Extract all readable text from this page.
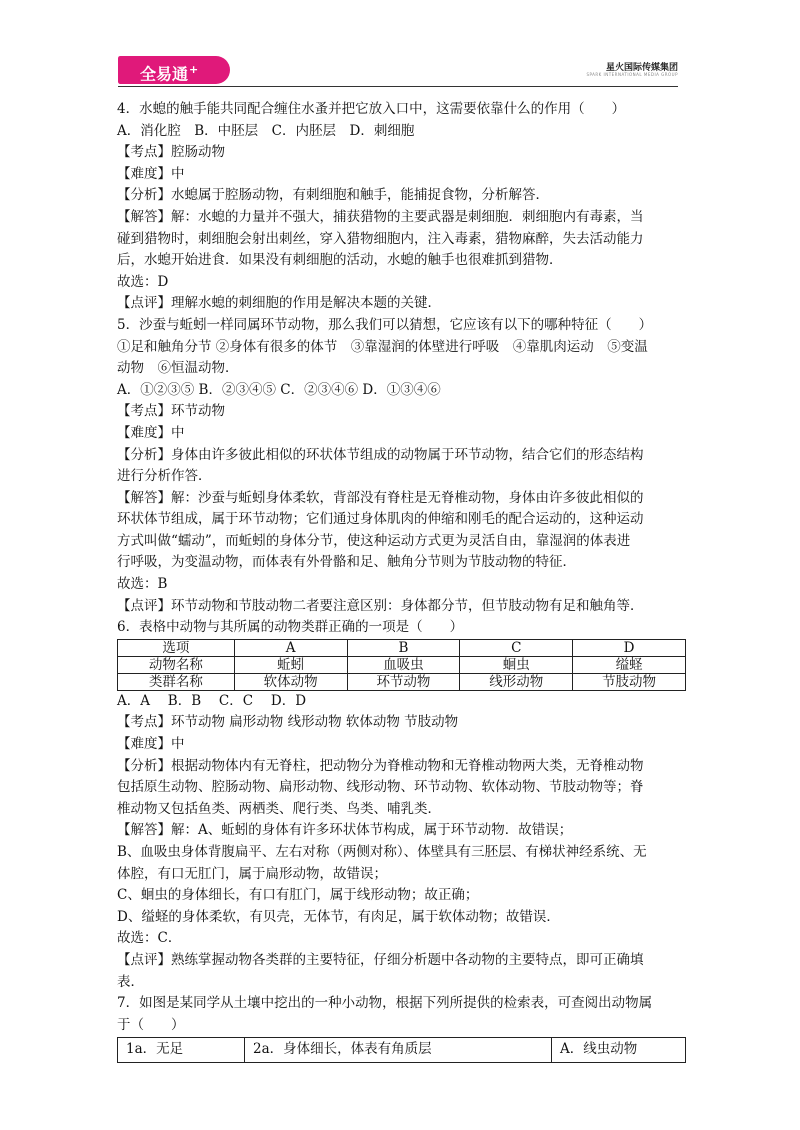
全易通+	星火国际传媒集团
SPARK INTERNATIONAL MEDIA GROUP

4．水螅的触手能共同配合缠住水蚤并把它放入口中，这需要依靠什么的作用（　　）

A．消化腔　B．中胚层　C．内胚层　D．刺细胞

【考点】腔肠动物

【难度】中

【分析】水螅属于腔肠动物，有刺细胞和触手，能捕捉食物，分析解答．

【解答】解：水螅的力量并不强大，捕获猎物的主要武器是刺细胞．刺细胞内有毒素，当

碰到猎物时，刺细胞会射出刺丝，穿入猎物细胞内，注入毒素，猎物麻醉，失去活动能力

后，水螅开始进食．如果没有刺细胞的活动，水螅的触手也很难抓到猎物．

故选：D

【点评】理解水螅的刺细胞的作用是解决本题的关键．

5．沙蚕与蚯蚓一样同属环节动物，那么我们可以猜想，它应该有以下的哪种特征（　　）

①足和触角分节 ②身体有很多的体节　③靠湿润的体壁进行呼吸　④靠肌肉运动　⑤变温

动物　⑥恒温动物．

A．①②③⑤ B．②③④⑤ C．②③④⑥ D．①③④⑥

【考点】环节动物

【难度】中

【分析】身体由许多彼此相似的环状体节组成的动物属于环节动物，结合它们的形态结构

进行分析作答．

【解答】解：沙蚕与蚯蚓身体柔软，背部没有脊柱是无脊椎动物，身体由许多彼此相似的

环状体节组成，属于环节动物；它们通过身体肌肉的伸缩和刚毛的配合运动的，这种运动

方式叫做“蠕动”，而蚯蚓的身体分节，使这种运动方式更为灵活自由，靠湿润的体表进

行呼吸，为变温动物，而体表有外骨骼和足、触角分节则为节肢动物的特征．

故选：B

【点评】环节动物和节肢动物二者要注意区别：身体都分节，但节肢动物有足和触角等．

6．表格中动物与其所属的动物类群正确的一项是（　　）

选项	A	B	C	D
动物名称	蚯蚓	血吸虫	蛔虫	缢蛏
类群名称	软体动物	环节动物	线形动物	节肢动物

A．A　 B．B　 C．C　 D．D

【考点】环节动物 扁形动物 线形动物 软体动物 节肢动物

【难度】中

【分析】根据动物体内有无脊柱，把动物分为脊椎动物和无脊椎动物两大类，无脊椎动物

包括原生动物、腔肠动物、扁形动物、线形动物、环节动物、软体动物、节肢动物等；脊

椎动物又包括鱼类、两栖类、爬行类、鸟类、哺乳类．

【解答】解：A、蚯蚓的身体有许多环状体节构成，属于环节动物．故错误；

B、血吸虫身体背腹扁平、左右对称（两侧对称）、体壁具有三胚层、有梯状神经系统、无

体腔，有口无肛门，属于扁形动物，故错误；

C、蛔虫的身体细长，有口有肛门，属于线形动物；故正确；

D、缢蛏的身体柔软，有贝壳，无体节，有肉足，属于软体动物；故错误．

故选：C．

【点评】熟练掌握动物各类群的主要特征，仔细分析题中各动物的主要特点，即可正确填

表．

7．如图是某同学从土壤中挖出的一种小动物，根据下列所提供的检索表，可查阅出动物属

于（　　）

1a．无足	2a．身体细长，体表有角质层	A．线虫动物
